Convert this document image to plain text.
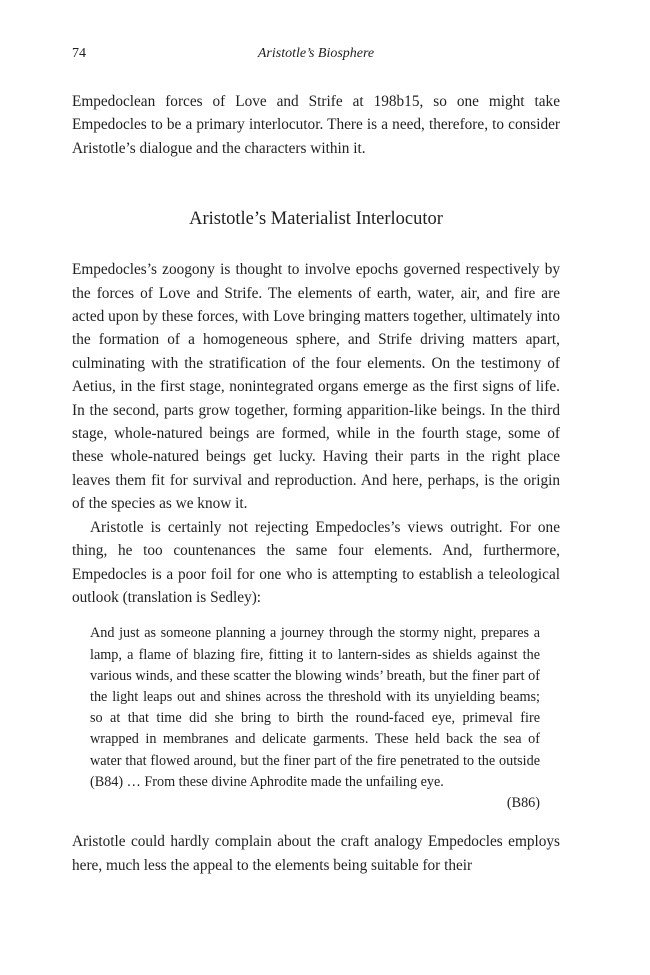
74	Aristotle’s Biosphere

Empedoclean forces of Love and Strife at 198b15, so one might take Empedocles to be a primary interlocutor. There is a need, therefore, to consider Aristotle’s dialogue and the characters within it.

Aristotle’s Materialist Interlocutor

Empedocles’s zoogony is thought to involve epochs governed respectively by the forces of Love and Strife. The elements of earth, water, air, and fire are acted upon by these forces, with Love bringing matters together, ultimately into the formation of a homogeneous sphere, and Strife driving matters apart, culminating with the stratification of the four elements. On the testimony of Aetius, in the first stage, nonintegrated organs emerge as the first signs of life. In the second, parts grow together, forming apparition-like beings. In the third stage, whole-natured beings are formed, while in the fourth stage, some of these whole-natured beings get lucky. Having their parts in the right place leaves them fit for survival and reproduction. And here, perhaps, is the origin of the species as we know it.

Aristotle is certainly not rejecting Empedocles’s views outright. For one thing, he too countenances the same four elements. And, furthermore, Empedocles is a poor foil for one who is attempting to establish a teleological outlook (translation is Sedley):

And just as someone planning a journey through the stormy night, prepares a lamp, a flame of blazing fire, fitting it to lantern-sides as shields against the various winds, and these scatter the blowing winds’ breath, but the finer part of the light leaps out and shines across the threshold with its unyielding beams; so at that time did she bring to birth the round-faced eye, primeval fire wrapped in membranes and delicate garments. These held back the sea of water that flowed around, but the finer part of the fire penetrated to the outside (B84) … From these divine Aphrodite made the unfailing eye.
(B86)

Aristotle could hardly complain about the craft analogy Empedocles employs here, much less the appeal to the elements being suitable for their
